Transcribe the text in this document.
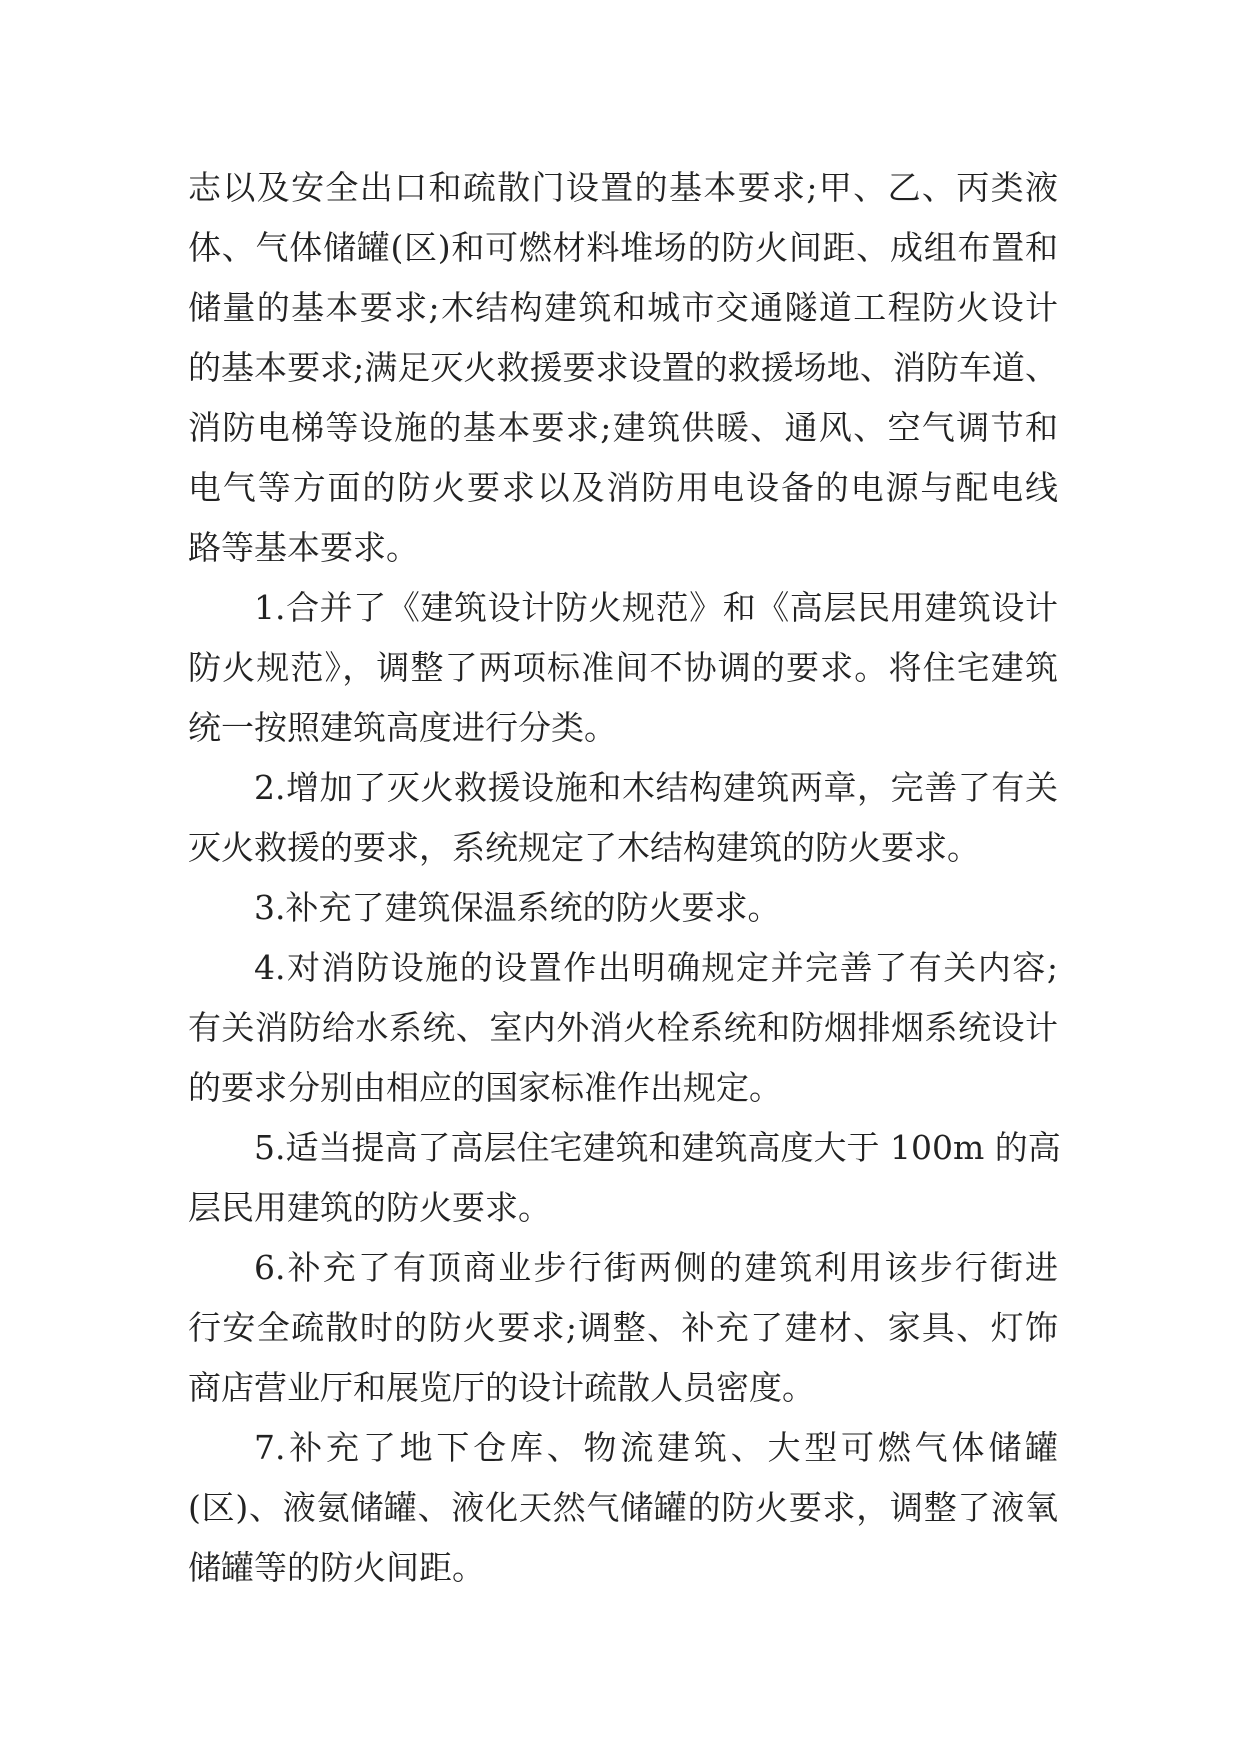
志以及安全出口和疏散门设置的基本要求;甲、乙、丙类液
体、气体储罐(区)和可燃材料堆场的防火间距、成组布置和
储量的基本要求;木结构建筑和城市交通隧道工程防火设计
的基本要求;满足灭火救援要求设置的救援场地、消防车道、
消防电梯等设施的基本要求;建筑供暖、通风、空气调节和
电气等方面的防火要求以及消防用电设备的电源与配电线
路等基本要求。
1.合并了《建筑设计防火规范》和《高层民用建筑设计
防火规范》，调整了两项标准间不协调的要求。将住宅建筑
统一按照建筑高度进行分类。
2.增加了灭火救援设施和木结构建筑两章，完善了有关
灭火救援的要求，系统规定了木结构建筑的防火要求。
3.补充了建筑保温系统的防火要求。
4.对消防设施的设置作出明确规定并完善了有关内容;
有关消防给水系统、室内外消火栓系统和防烟排烟系统设计
的要求分别由相应的国家标准作出规定。
5.适当提高了高层住宅建筑和建筑高度大于 100m 的高
层民用建筑的防火要求。
6.补充了有顶商业步行街两侧的建筑利用该步行街进
行安全疏散时的防火要求;调整、补充了建材、家具、灯饰
商店营业厅和展览厅的设计疏散人员密度。
7.补充了地下仓库、物流建筑、大型可燃气体储罐
(区)、液氨储罐、液化天然气储罐的防火要求，调整了液氧
储罐等的防火间距。
